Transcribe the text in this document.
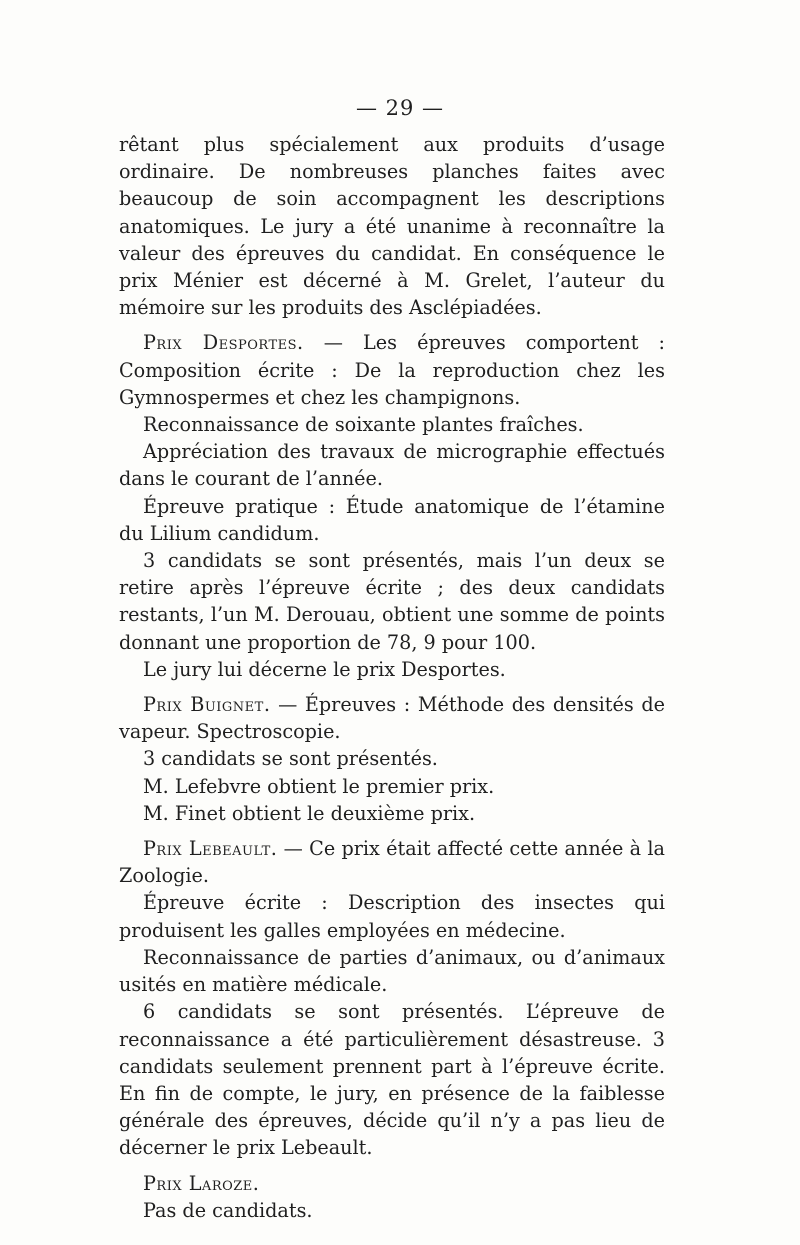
— 29 —

rêtant plus spécialement aux produits d’usage ordinaire. De nombreuses planches faites avec beaucoup de soin accompagnent les descriptions anatomiques. Le jury a été unanime à reconnaître la valeur des épreuves du candidat. En conséquence le prix Ménier est décerné à M. Grelet, l’auteur du mémoire sur les produits des Asclépiadées.

Prix Desportes. — Les épreuves comportent : Composition écrite : De la reproduction chez les Gymnospermes et chez les champignons.

Reconnaissance de soixante plantes fraîches.

Appréciation des travaux de micrographie effectués dans le courant de l’année.

Épreuve pratique : Étude anatomique de l’étamine du Lilium candidum.

3 candidats se sont présentés, mais l’un deux se retire après l’épreuve écrite ; des deux candidats restants, l’un M. Derouau, obtient une somme de points donnant une proportion de 78, 9 pour 100.

Le jury lui décerne le prix Desportes.

Prix Buignet. — Épreuves : Méthode des densités de vapeur. Spectroscopie.

3 candidats se sont présentés.

M. Lefebvre obtient le premier prix.

M. Finet obtient le deuxième prix.

Prix Lebeault. — Ce prix était affecté cette année à la Zoologie.

Épreuve écrite : Description des insectes qui produisent les galles employées en médecine.

Reconnaissance de parties d’animaux, ou d’animaux usités en matière médicale.

6 candidats se sont présentés. L’épreuve de reconnaissance a été particulièrement désastreuse. 3 candidats seulement prennent part à l’épreuve écrite. En fin de compte, le jury, en présence de la faiblesse générale des épreuves, décide qu’il n’y a pas lieu de décerner le prix Lebeault.

Prix Laroze.

Pas de candidats.
